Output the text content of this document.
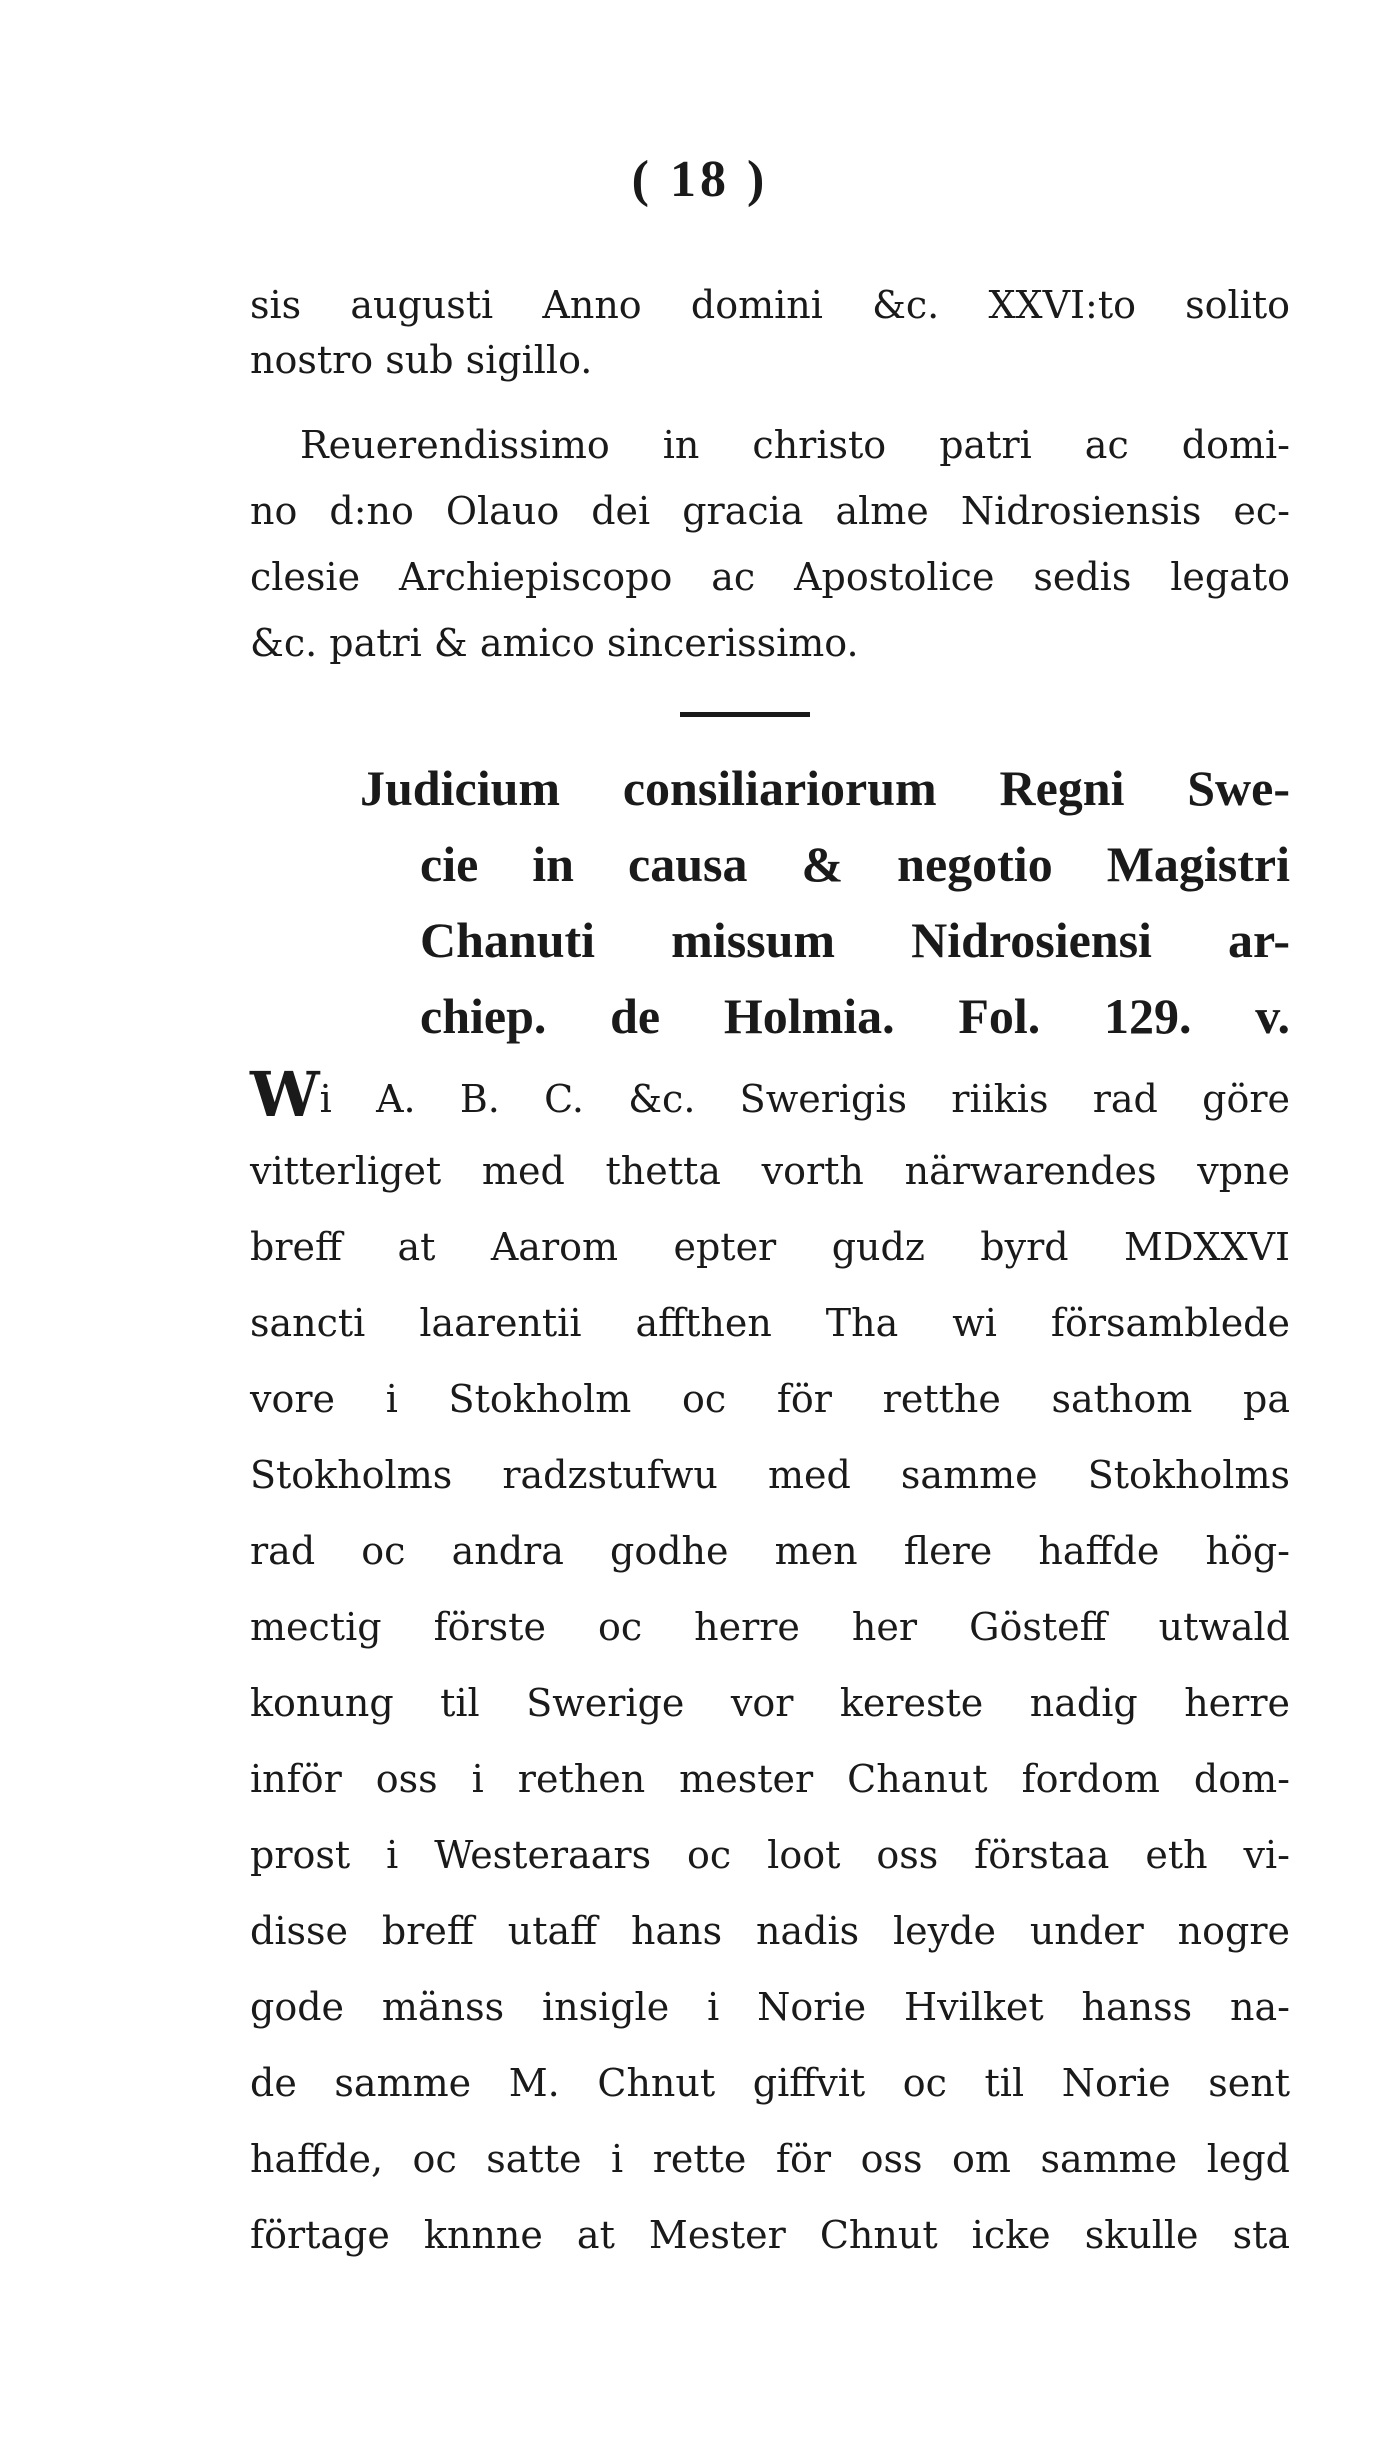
( 18 )
sis augusti Anno domini &c. XXVI:to solito
nostro sub sigillo.
Reuerendissimo in christo patri ac domi-
no d:no Olauo dei gracia alme Nidrosiensis ec-
clesie Archiepiscopo ac Apostolice sedis legato
&c. patri & amico sincerissimo.
Judicium consiliariorum Regni Swe-
cie in causa & negotio Magistri
Chanuti missum Nidrosiensi ar-
chiep. de Holmia. Fol. 129. v.
Wi A. B. C. &c. Swerigis riikis rad göre
vitterliget med thetta vorth närwarendes vpne
breff at Aarom epter gudz byrd MDXXVI
sancti laarentii affthen Tha wi församblede
vore i Stokholm oc för retthe sathom pa
Stokholms radzstufwu med samme Stokholms
rad oc andra godhe men flere haffde hög-
mectig förste oc herre her Gösteff utwald
konung til Swerige vor kereste nadig herre
inför oss i rethen mester Chanut fordom dom-
prost i Westeraars oc loot oss förstaa eth vi-
disse breff utaff hans nadis leyde under nogre
gode mänss insigle i Norie Hvilket hanss na-
de samme M. Chnut giffvit oc til Norie sent
haffde, oc satte i rette för oss om samme legd
förtage knnne at Mester Chnut icke skulle sta
